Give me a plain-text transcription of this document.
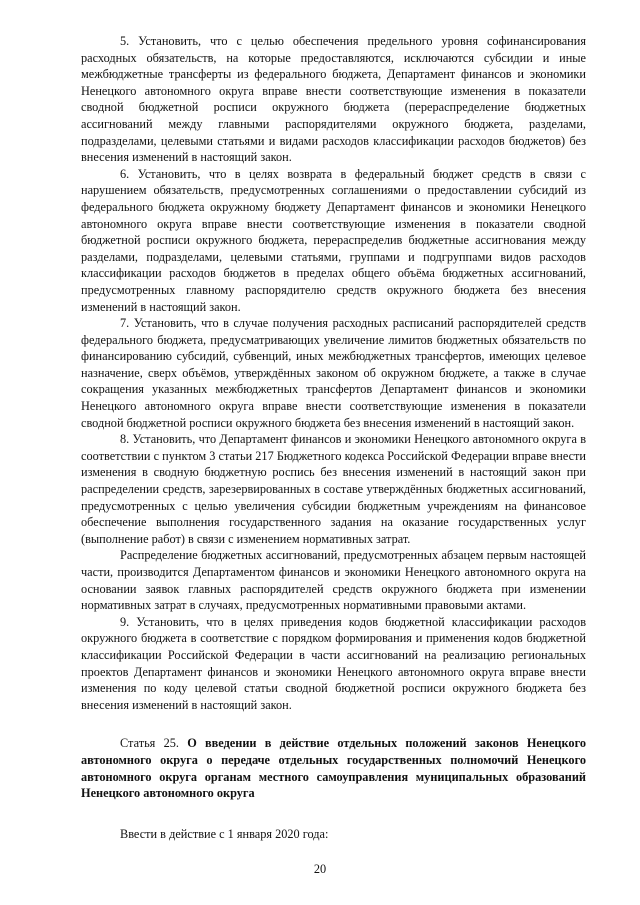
5. Установить, что с целью обеспечения предельного уровня софинансирования расходных обязательств, на которые предоставляются, исключаются субсидии и иные межбюджетные трансферты из федерального бюджета, Департамент финансов и экономики Ненецкого автономного округа вправе внести соответствующие изменения в показатели сводной бюджетной росписи окружного бюджета (перераспределение бюджетных ассигнований между главными распорядителями окружного бюджета, разделами, подразделами, целевыми статьями и видами расходов классификации расходов бюджетов) без внесения изменений в настоящий закон.

6. Установить, что в целях возврата в федеральный бюджет средств в связи с нарушением обязательств, предусмотренных соглашениями о предоставлении субсидий из федерального бюджета окружному бюджету Департамент финансов и экономики Ненецкого автономного округа вправе внести соответствующие изменения в показатели сводной бюджетной росписи окружного бюджета, перераспределив бюджетные ассигнования между разделами, подразделами, целевыми статьями, группами и подгруппами видов расходов классификации расходов бюджетов в пределах общего объёма бюджетных ассигнований, предусмотренных главному распорядителю средств окружного бюджета без внесения изменений в настоящий закон.

7. Установить, что в случае получения расходных расписаний распорядителей средств федерального бюджета, предусматривающих увеличение лимитов бюджетных обязательств по финансированию субсидий, субвенций, иных межбюджетных трансфертов, имеющих целевое назначение, сверх объёмов, утверждённых законом об окружном бюджете, а также в случае сокращения указанных межбюджетных трансфертов Департамент финансов и экономики Ненецкого автономного округа вправе внести соответствующие изменения в показатели сводной бюджетной росписи окружного бюджета без внесения изменений в настоящий закон.

8. Установить, что Департамент финансов и экономики Ненецкого автономного округа в соответствии с пунктом 3 статьи 217 Бюджетного кодекса Российской Федерации вправе внести изменения в сводную бюджетную роспись без внесения изменений в настоящий закон при распределении средств, зарезервированных в составе утверждённых бюджетных ассигнований, предусмотренных с целью увеличения субсидии бюджетным учреждениям на финансовое обеспечение выполнения государственного задания на оказание государственных услуг (выполнение работ) в связи с изменением нормативных затрат.

Распределение бюджетных ассигнований, предусмотренных абзацем первым настоящей части, производится Департаментом финансов и экономики Ненецкого автономного округа на основании заявок главных распорядителей средств окружного бюджета при изменении нормативных затрат в случаях, предусмотренных нормативными правовыми актами.

9. Установить, что в целях приведения кодов бюджетной классификации расходов окружного бюджета в соответствие с порядком формирования и применения кодов бюджетной классификации Российской Федерации в части ассигнований на реализацию региональных проектов Департамент финансов и экономики Ненецкого автономного округа вправе внести изменения по коду целевой статьи сводной бюджетной росписи окружного бюджета без внесения изменений в настоящий закон.

Статья 25. О введении в действие отдельных положений законов Ненецкого автономного округа о передаче отдельных государственных полномочий Ненецкого автономного округа органам местного самоуправления муниципальных образований Ненецкого автономного округа

Ввести в действие с 1 января 2020 года:

20
